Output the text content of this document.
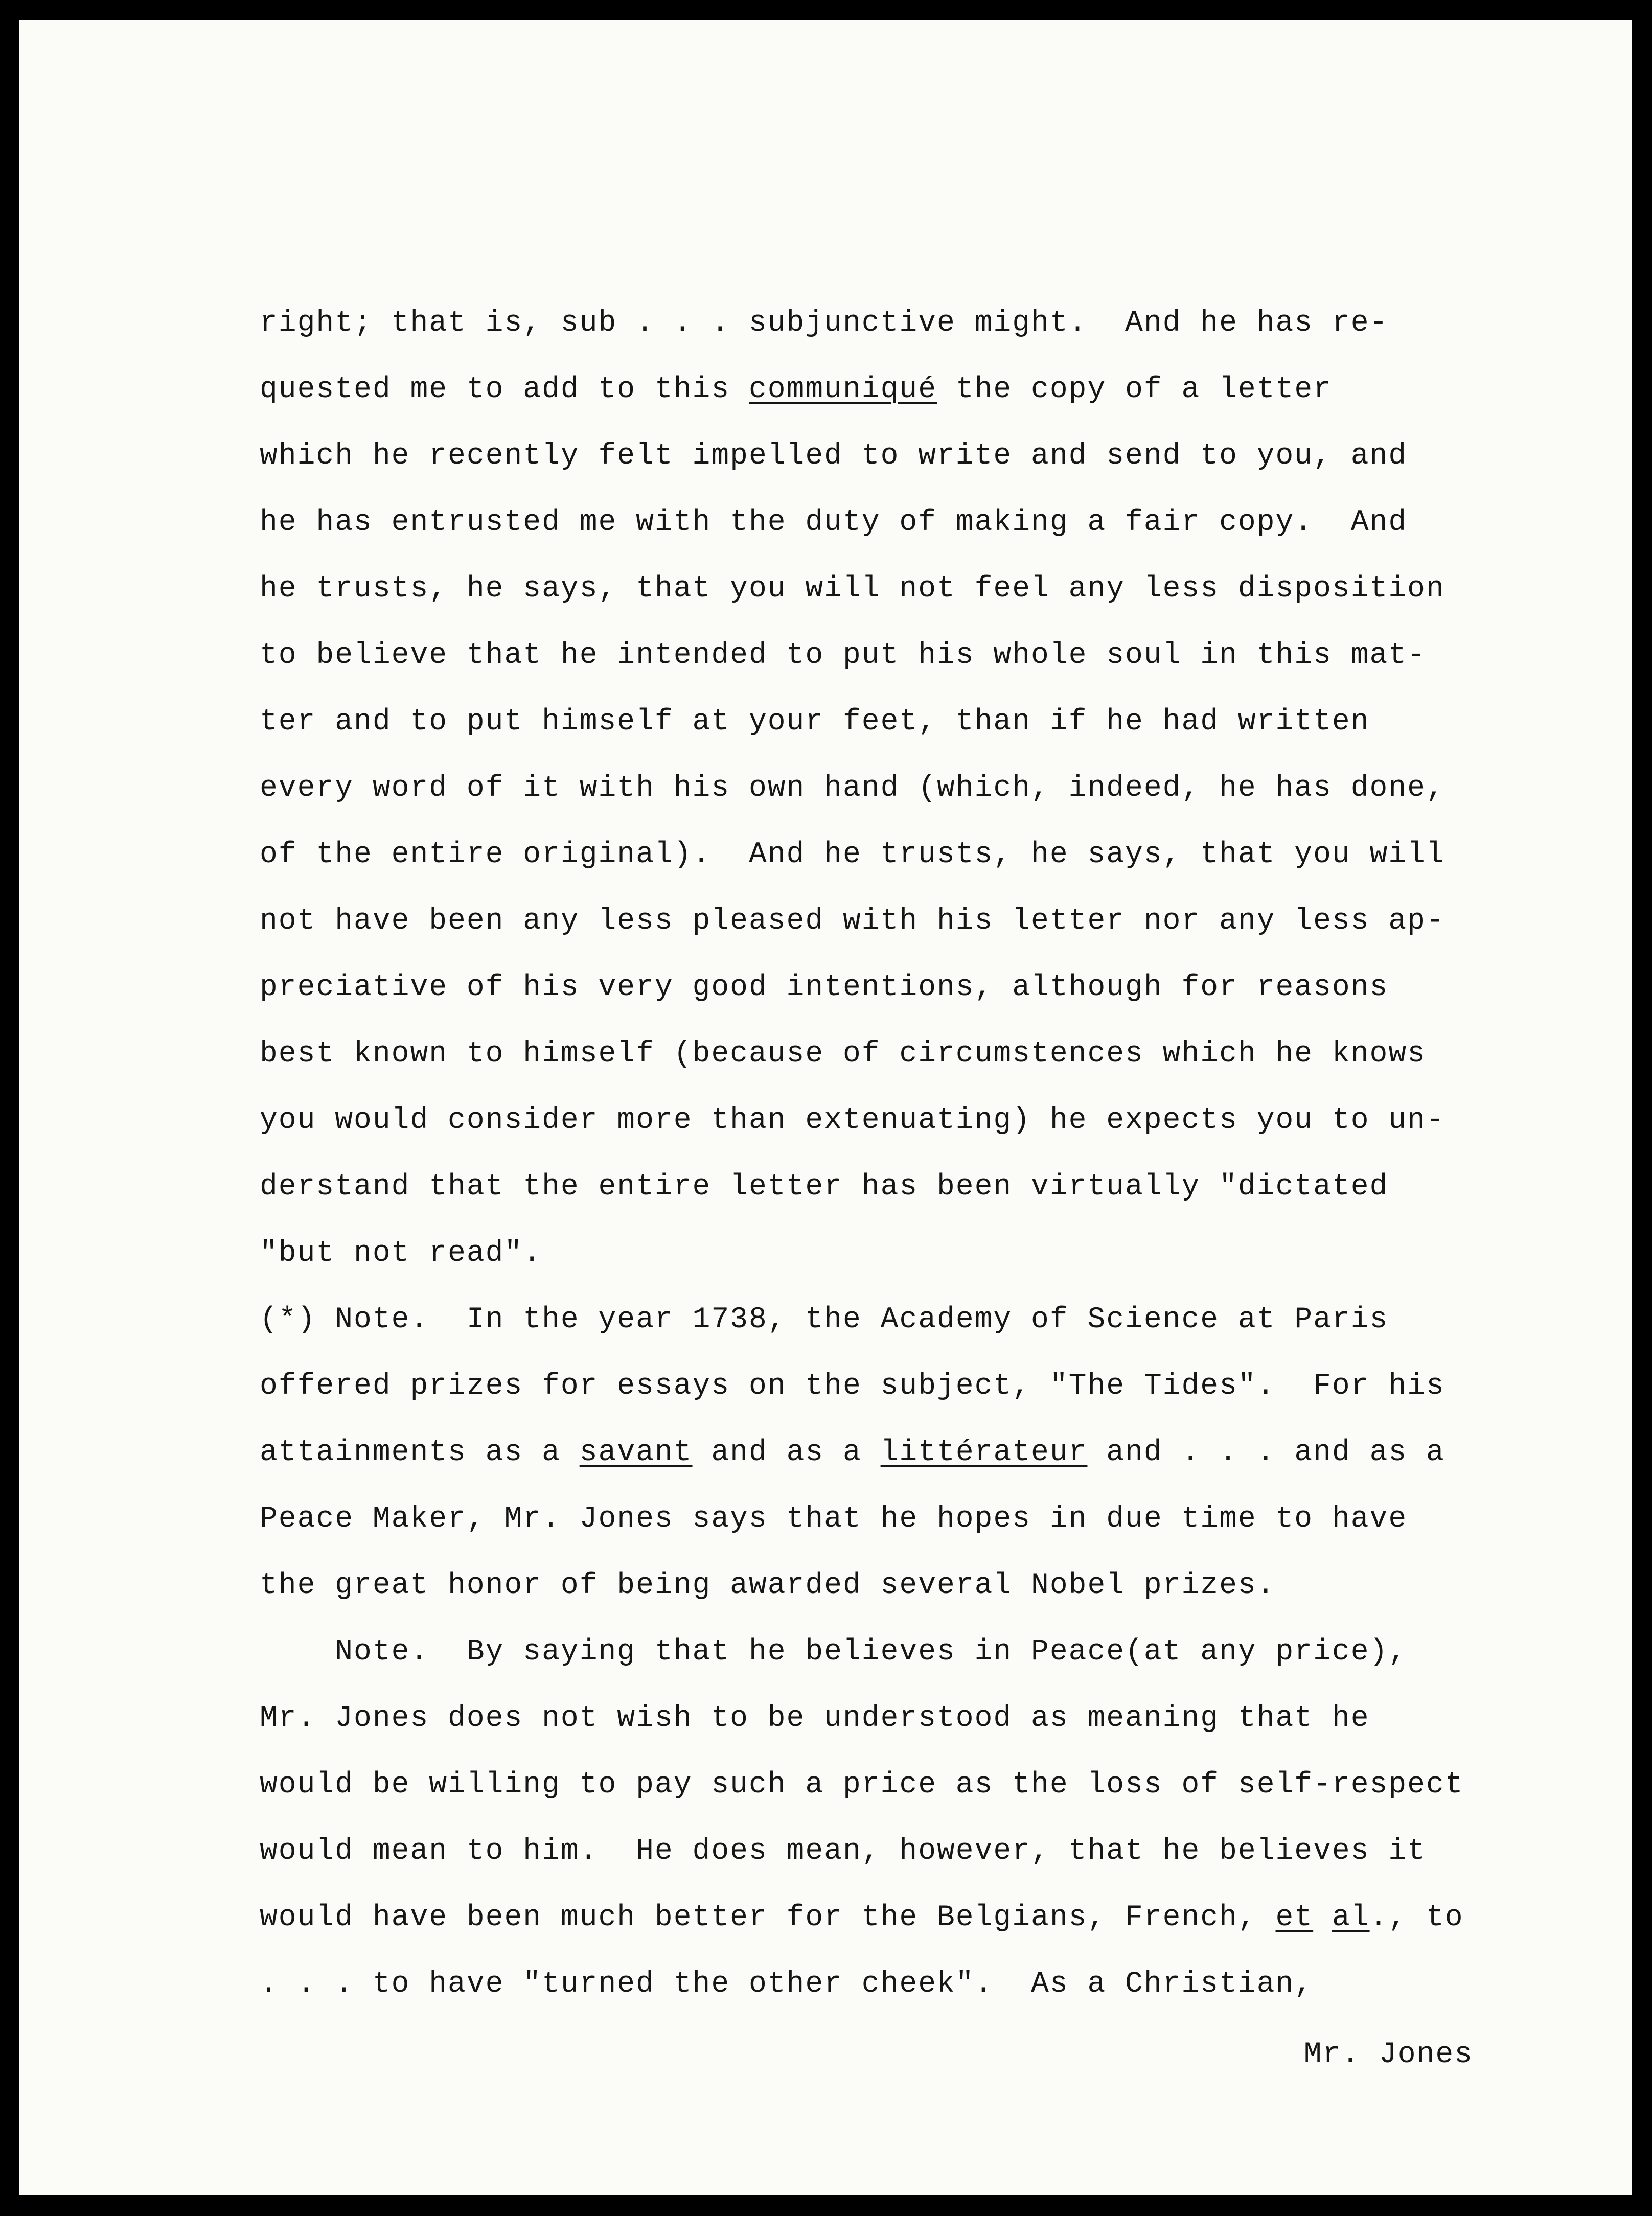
right; that is, sub . . . subjunctive might.  And he has re-
quested me to add to this communiqué the copy of a letter
which he recently felt impelled to write and send to you, and
he has entrusted me with the duty of making a fair copy.  And
he trusts, he says, that you will not feel any less disposition
to believe that he intended to put his whole soul in this mat-
ter and to put himself at your feet, than if he had written
every word of it with his own hand (which, indeed, he has done,
of the entire original).  And he trusts, he says, that you will
not have been any less pleased with his letter nor any less ap-
preciative of his very good intentions, although for reasons
best known to himself (because of circumstences which he knows
you would consider more than extenuating) he expects you to un-
derstand that the entire letter has been virtually "dictated
"but not read".
(*) Note.  In the year 1738, the Academy of Science at Paris
offered prizes for essays on the subject, "The Tides".  For his
attainments as a savant and as a littérateur and . . . and as a
Peace Maker, Mr. Jones says that he hopes in due time to have
the great honor of being awarded several Nobel prizes.
Note.  By saying that he believes in Peace(at any price),
Mr. Jones does not wish to be understood as meaning that he
would be willing to pay such a price as the loss of self-respect
would mean to him.  He does mean, however, that he believes it
would have been much better for the Belgians, French, et al., to
. . . to have "turned the other cheek".  As a Christian,
Mr. Jones
